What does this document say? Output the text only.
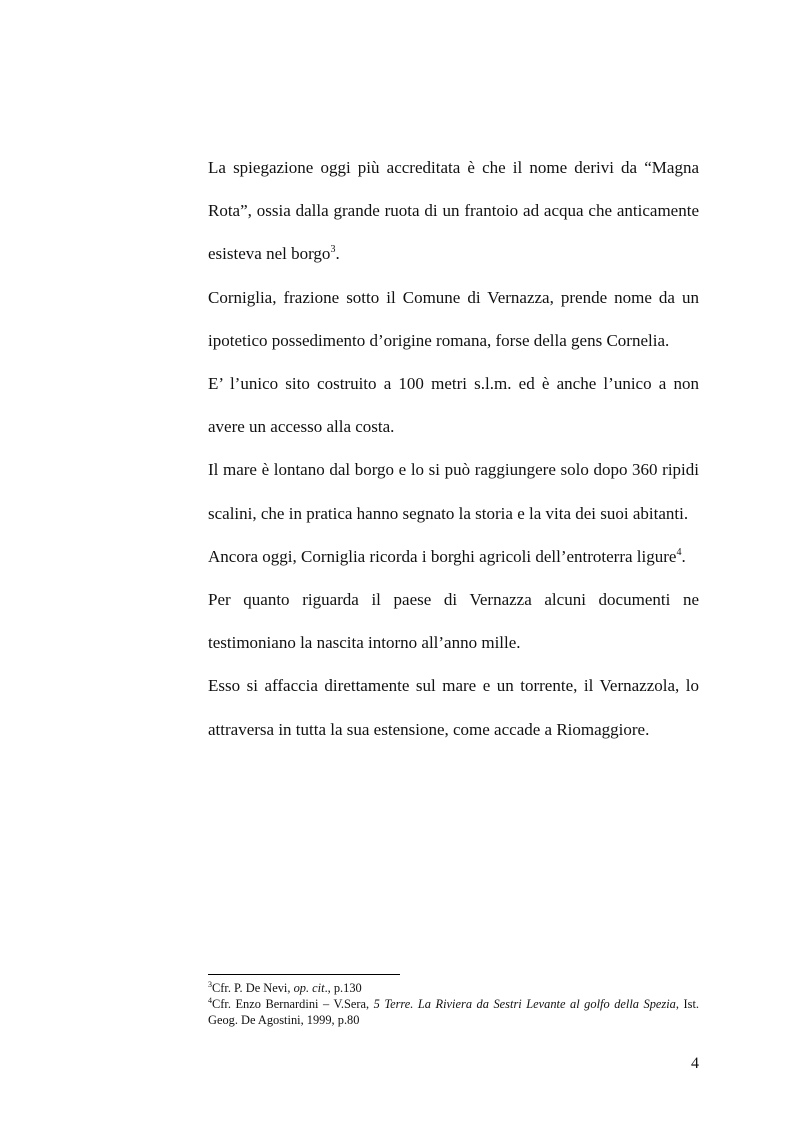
La spiegazione oggi più accreditata è che il nome derivi da “Magna Rota”, ossia dalla grande ruota di un frantoio ad acqua che anticamente esisteva nel borgo$^3$.

Corniglia, frazione sotto il Comune di Vernazza, prende nome da un ipotetico possedimento d’origine romana, forse della gens Cornelia.

E’ l’unico sito costruito a 100 metri s.l.m. ed è anche l’unico a non avere un accesso alla costa.

Il mare è lontano dal borgo e lo si può raggiungere solo dopo 360 ripidi scalini, che in pratica hanno segnato la storia e la vita dei suoi abitanti.

Ancora oggi, Corniglia ricorda i borghi agricoli dell’entroterra ligure$^4$.

Per quanto riguarda il paese di Vernazza alcuni documenti ne testimoniano la nascita intorno all’anno mille.

Esso si affaccia direttamente sul mare e un torrente, il Vernazzola, lo attraversa in tutta la sua estensione, come accade a Riomaggiore.

$^3$Cfr. P. De Nevi, op. cit., p.130

$^4$Cfr. Enzo Bernardini – V.Sera, 5 Terre. La Riviera da Sestri Levante al golfo della Spezia, Ist. Geog. De Agostini, 1999, p.80

4
